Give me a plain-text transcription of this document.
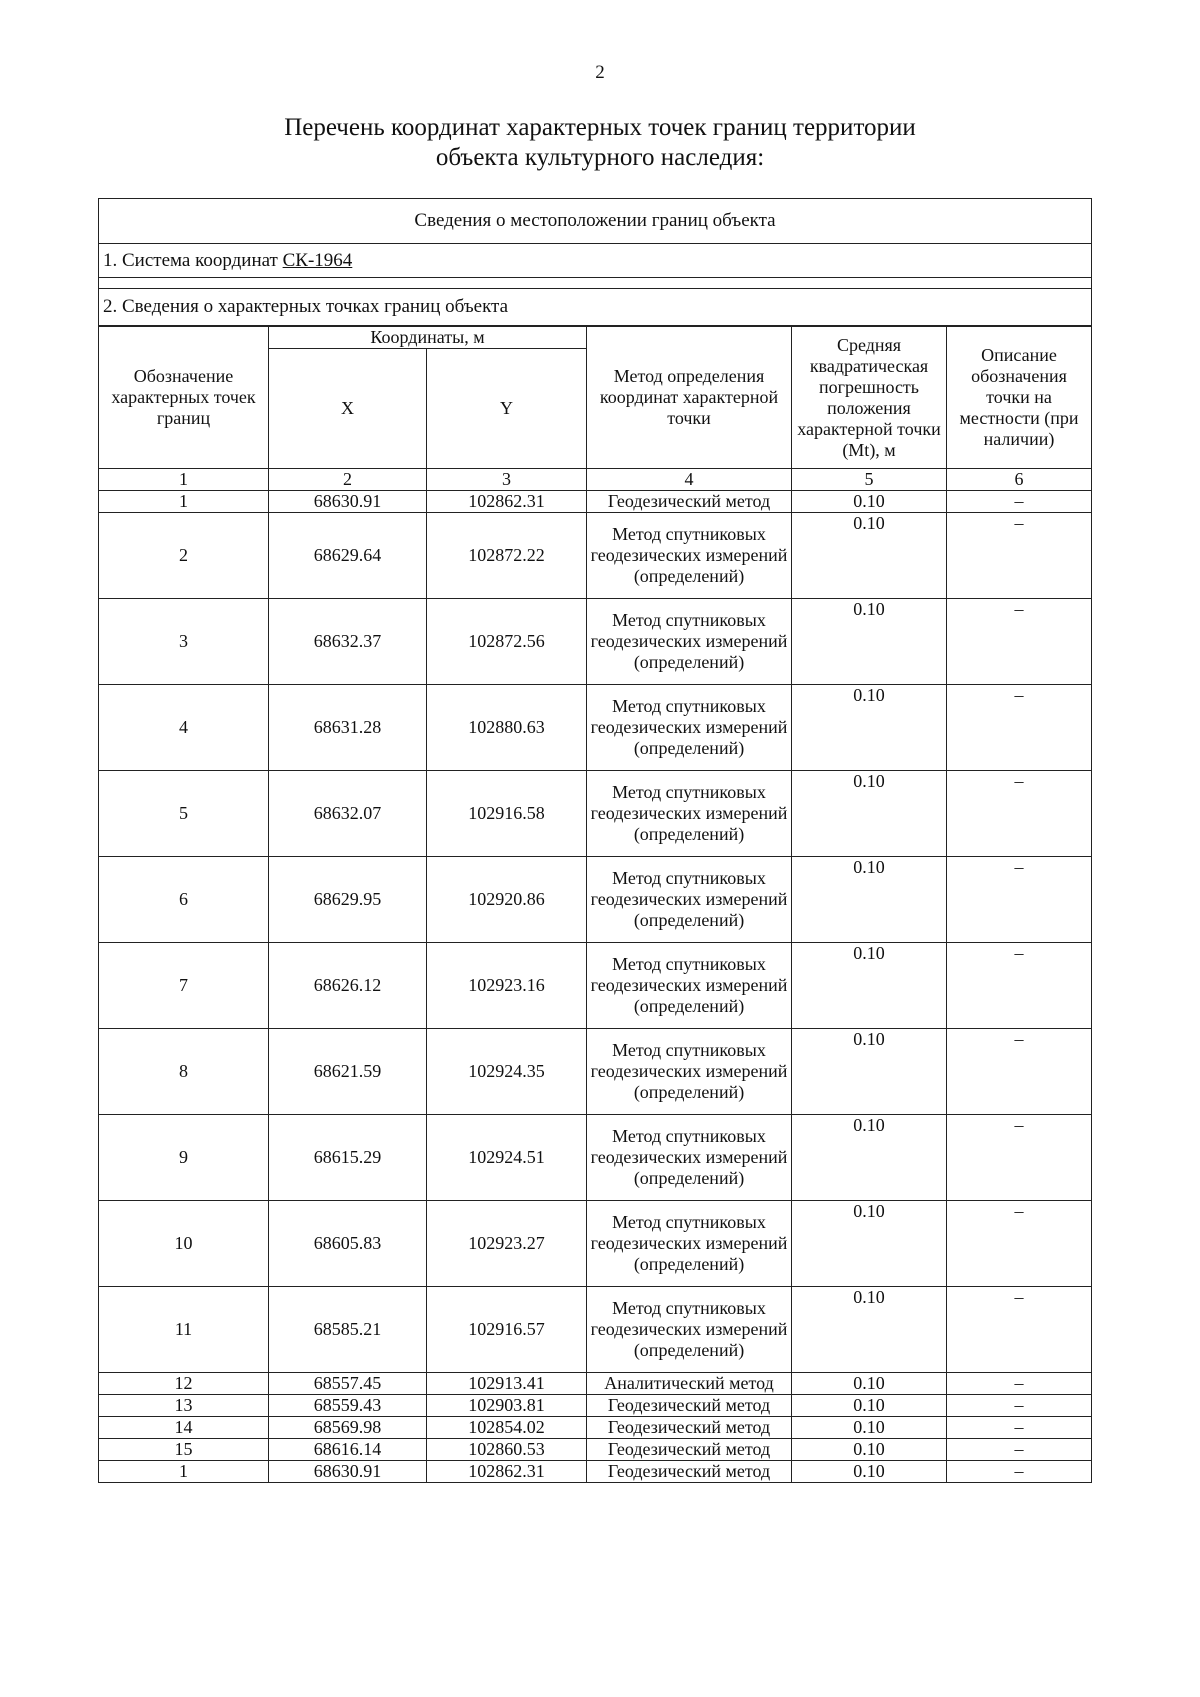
2
Перечень координат характерных точек границ территории
объекта культурного наследия:
Сведения о местоположении границ объекта
1. Система координат СК-1964

2. Сведения о характерных точках границ объекта
Обозначение характерных точек границ	Координаты, м		Метод определения координат характерной точки	Средняя квадратическая погрешность положения характерной точки (Mt), м	Описание обозначения точки на местности (при наличии)
	X	Y			
1	2	3	4	5	6
1	68630.91	102862.31	Геодезический метод	0.10	–
2	68629.64	102872.22	Метод спутниковых геодезических измерений (определений)	0.10	–
3	68632.37	102872.56	Метод спутниковых геодезических измерений (определений)	0.10	–
4	68631.28	102880.63	Метод спутниковых геодезических измерений (определений)	0.10	–
5	68632.07	102916.58	Метод спутниковых геодезических измерений (определений)	0.10	–
6	68629.95	102920.86	Метод спутниковых геодезических измерений (определений)	0.10	–
7	68626.12	102923.16	Метод спутниковых геодезических измерений (определений)	0.10	–
8	68621.59	102924.35	Метод спутниковых геодезических измерений (определений)	0.10	–
9	68615.29	102924.51	Метод спутниковых геодезических измерений (определений)	0.10	–
10	68605.83	102923.27	Метод спутниковых геодезических измерений (определений)	0.10	–
11	68585.21	102916.57	Метод спутниковых геодезических измерений (определений)	0.10	–
12	68557.45	102913.41	Аналитический метод	0.10	–
13	68559.43	102903.81	Геодезический метод	0.10	–
14	68569.98	102854.02	Геодезический метод	0.10	–
15	68616.14	102860.53	Геодезический метод	0.10	–
1	68630.91	102862.31	Геодезический метод	0.10	–
